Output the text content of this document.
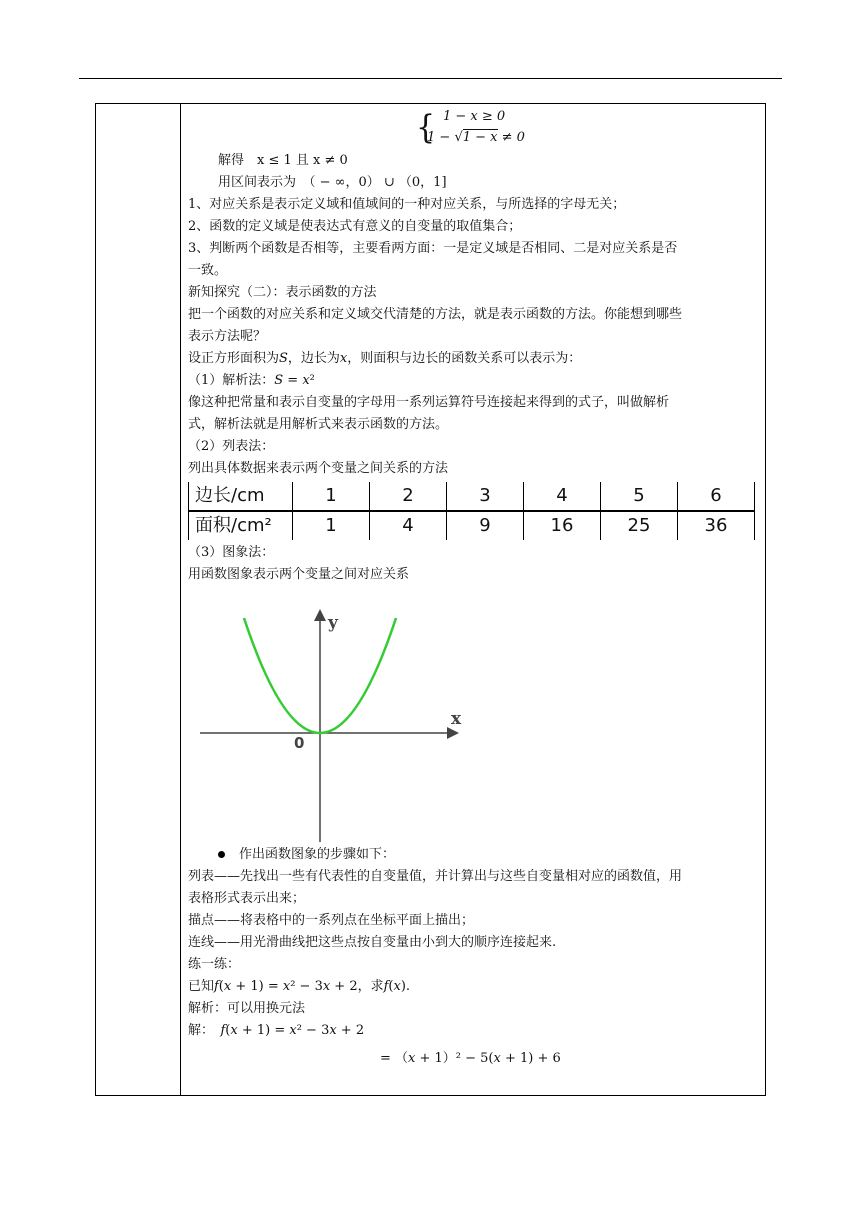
{ 1 − 𝑥 ≥ 0
1 − √1 − 𝑥 ≠ 0
解得　x ≤ 1 且 x ≠ 0
用区间表示为　（ − ∞，0） ∪ （0，1]
1、对应关系是表示定义域和值域间的一种对应关系，与所选择的字母无关；
2、函数的定义域是使表达式有意义的自变量的取值集合；
3、判断两个函数是否相等，主要看两方面：一是定义域是否相同、二是对应关系是否
一致。
新知探究（二）：表示函数的方法
把一个函数的对应关系和定义域交代清楚的方法，就是表示函数的方法。你能想到哪些
表示方法呢？
设正方形面积为𝑆，边长为𝑥，则面积与边长的函数关系可以表示为：
（1）解析法：𝑆 = 𝑥²
像这种把常量和表示自变量的字母用一系列运算符号连接起来得到的式子，叫做解析
式，解析法就是用解析式来表示函数的方法。
（2）列表法：
列出具体数据来表示两个变量之间关系的方法
边长/cm	1	2	3	4	5	6
面积/cm²	1	4	9	16	25	36
（3）图象法：
用函数图象表示两个变量之间对应关系
x
y
0
作出函数图象的步骤如下：
列表——先找出一些有代表性的自变量值，并计算出与这些自变量相对应的函数值，用
表格形式表示出来；
描点——将表格中的一系列点在坐标平面上描出；
连线——用光滑曲线把这些点按自变量由小到大的顺序连接起来.
练一练：
已知𝑓(𝑥 + 1) = 𝑥² − 3𝑥 + 2，求𝑓(𝑥).
解析：可以用换元法
解：　𝑓(𝑥 + 1) = 𝑥² − 3𝑥 + 2
= （𝑥 + 1）² − 5(𝑥 + 1) + 6
